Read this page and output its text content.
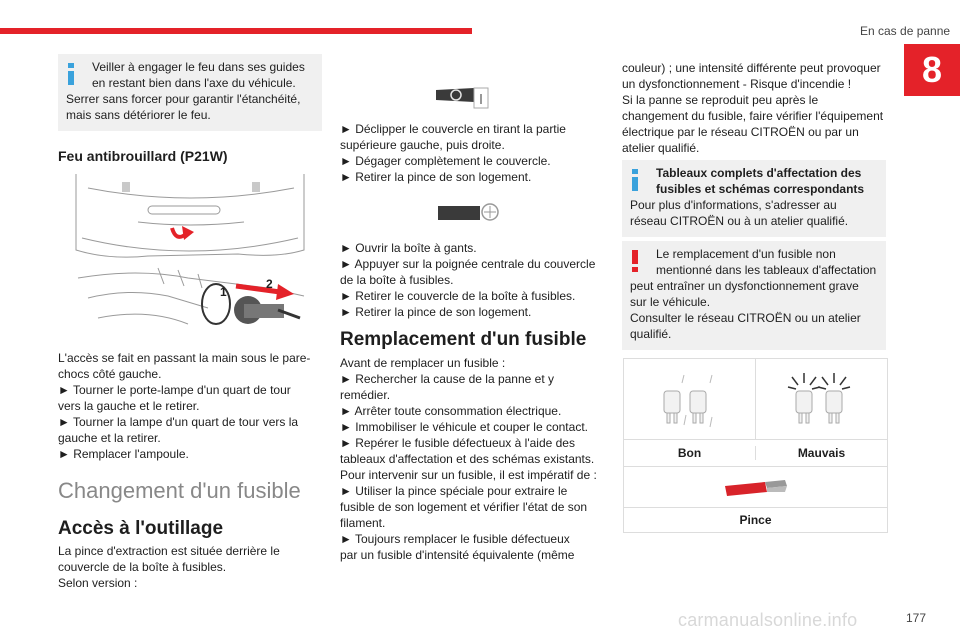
En cas de panne
8

Veiller à engager le feu dans ses guides

en restant bien dans l'axe du véhicule.

Serrer sans forcer pour garantir l'étanchéité,

mais sans détériorer le feu.

Feu antibrouillard (P21W)
1
2

L'accès se fait en passant la main sous le pare-

chocs côté gauche.

► Tourner le porte-lampe d'un quart de tour

vers la gauche et le retirer.

► Tourner la lampe d'un quart de tour vers la

gauche et la retirer.

► Remplacer l'ampoule.

Changement d'un fusible

Accès à l'outillage

La pince d'extraction est située derrière le

couvercle de la boîte à fusibles.

Selon version :

► Déclipper le couvercle en tirant la partie

supérieure gauche, puis droite.

► Dégager complètement le couvercle.

► Retirer la pince de son logement.

► Ouvrir la boîte à gants.

► Appuyer sur la poignée centrale du couvercle

de la boîte à fusibles.

► Retirer le couvercle de la boîte à fusibles.

► Retirer la pince de son logement.

Remplacement d'un fusible

Avant de remplacer un fusible :

► Rechercher la cause de la panne et y

remédier.

► Arrêter toute consommation électrique.

► Immobiliser le véhicule et couper le contact.

► Repérer le fusible défectueux à l'aide des

tableaux d'affectation et des schémas existants.

Pour intervenir sur un fusible, il est impératif de :

► Utiliser la pince spéciale pour extraire le

fusible de son logement et vérifier l'état de son

filament.

► Toujours remplacer le fusible défectueux

par un fusible d'intensité équivalente (même

couleur) ; une intensité différente peut provoquer

un dysfonctionnement - Risque d'incendie !

Si la panne se reproduit peu après le

changement du fusible, faire vérifier l'équipement

électrique par le réseau CITROËN ou par un

atelier qualifié.

Tableaux complets d'affectation des

fusibles et schémas correspondants

Pour plus d'informations, s'adresser au

réseau CITROËN ou à un atelier qualifié.

Le remplacement d'un fusible non

mentionné dans les tableaux d'affectation

peut entraîner un dysfonctionnement grave

sur le véhicule.

Consulter le réseau CITROËN ou un atelier

qualifié.

Bon	Mauvais
Pince
carmanualsonline.info	177
